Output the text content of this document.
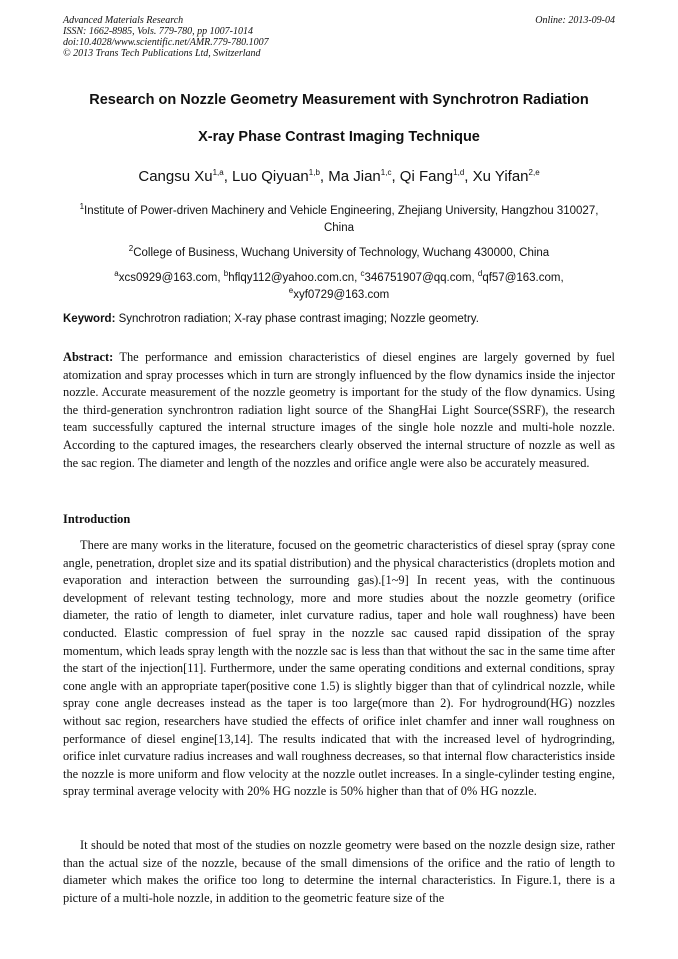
Advanced Materials Research
ISSN: 1662-8985, Vols. 779-780, pp 1007-1014
doi:10.4028/www.scientific.net/AMR.779-780.1007
© 2013 Trans Tech Publications Ltd, Switzerland
Online: 2013-09-04
Research on Nozzle Geometry Measurement with Synchrotron Radiation
X-ray Phase Contrast Imaging Technique
Cangsu Xu$^{1,a}$, Luo Qiyuan$^{1,b}$, Ma Jian$^{1,c}$, Qi Fang$^{1,d}$, Xu Yifan$^{2,e}$
$^1$Institute of Power-driven Machinery and Vehicle Engineering, Zhejiang University, Hangzhou 310027, China
$^2$College of Business, Wuchang University of Technology, Wuchang 430000, China
$^a$xcs0929@163.com, $^b$hflqy112@yahoo.com.cn, $^c$346751907@qq.com, $^d$qf57@163.com,
$^e$xyf0729@163.com
Keyword: Synchrotron radiation; X-ray phase contrast imaging; Nozzle geometry.
Abstract: The performance and emission characteristics of diesel engines are largely governed by fuel atomization and spray processes which in turn are strongly influenced by the flow dynamics inside the injector nozzle. Accurate measurement of the nozzle geometry is important for the study of the flow dynamics. Using the third-generation synchrontron radiation light source of the ShangHai Light Source(SSRF), the research team successfully captured the internal structure images of the single hole nozzle and multi-hole nozzle. According to the captured images, the researchers clearly observed the internal structure of nozzle as well as the sac region. The diameter and length of the nozzles and orifice angle were also be accurately measured.
Introduction
There are many works in the literature, focused on the geometric characteristics of diesel spray (spray cone angle, penetration, droplet size and its spatial distribution) and the physical characteristics (droplets motion and evaporation and interaction between the surrounding gas).[1~9] In recent yeas, with the continuous development of relevant testing technology, more and more studies about the nozzle geometry (orifice diameter, the ratio of length to diameter, inlet curvature radius, taper and hole wall roughness) have been conducted. Elastic compression of fuel spray in the nozzle sac caused rapid dissipation of the spray momentum, which leads spray length with the nozzle sac is less than that without the sac in the same time after the start of the injection[11]. Furthermore, under the same operating conditions and external conditions, spray cone angle with an appropriate taper(positive cone 1.5) is slightly bigger than that of cylindrical nozzle, while spray cone angle decreases instead as the taper is too large(more than 2). For hydroground(HG) nozzles without sac region, researchers have studied the effects of orifice inlet chamfer and inner wall roughness on performance of diesel engine[13,14]. The results indicated that with the increased level of hydrogrinding, orifice inlet curvature radius increases and wall roughness decreases, so that internal flow characteristics inside the nozzle is more uniform and flow velocity at the nozzle outlet increases. In a single-cylinder testing engine, spray terminal average velocity with 20% HG nozzle is 50% higher than that of 0% HG nozzle.
It should be noted that most of the studies on nozzle geometry were based on the nozzle design size, rather than the actual size of the nozzle, because of the small dimensions of the orifice and the ratio of length to diameter which makes the orifice too long to determine the internal characteristics. In Figure.1, there is a picture of a multi-hole nozzle, in addition to the geometric feature size of the
